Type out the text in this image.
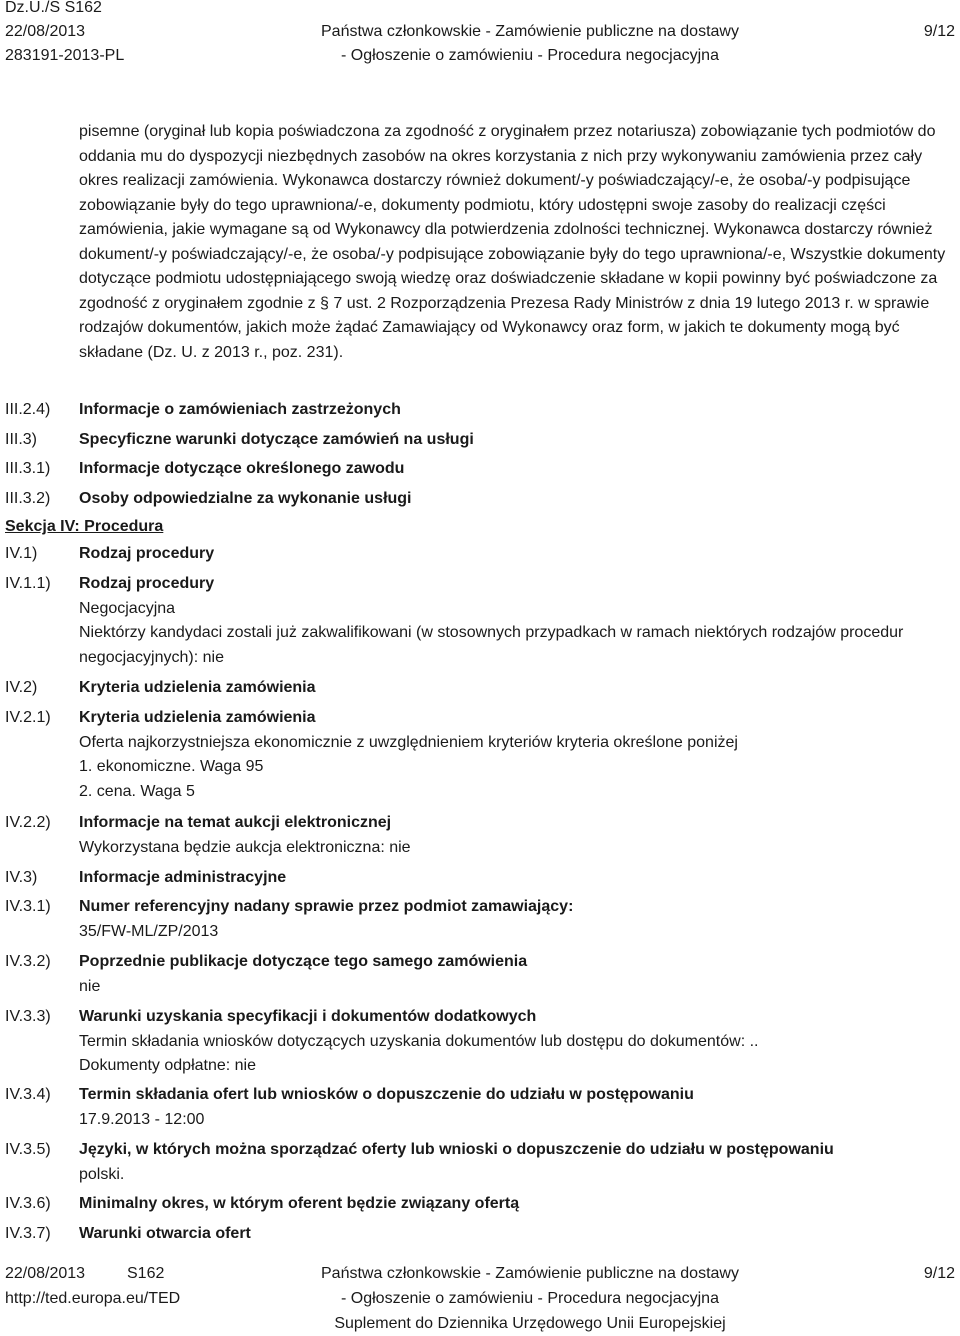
Dz.U./S S162
22/08/2013
283191-2013-PL
Państwa członkowskie - Zamówienie publiczne na dostawy
- Ogłoszenie o zamówieniu - Procedura negocjacyjna
9/12

pisemne (oryginał lub kopia poświadczona za zgodność z oryginałem przez notariusza) zobowiązanie tych podmiotów do oddania mu do dyspozycji niezbędnych zasobów na okres korzystania z nich przy wykonywaniu zamówienia przez cały okres realizacji zamówienia. Wykonawca dostarczy również dokument/-y poświadczający/-e, że osoba/-y podpisujące zobowiązanie były do tego uprawniona/-e, dokumenty podmiotu, który udostępni swoje zasoby do realizacji części zamówienia, jakie wymagane są od Wykonawcy dla potwierdzenia zdolności technicznej. Wykonawca dostarczy również dokument/-y poświadczający/-e, że osoba/-y podpisujące zobowiązanie były do tego uprawniona/-e, Wszystkie dokumenty dotyczące podmiotu udostępniającego swoją wiedzę oraz doświadczenie składane w kopii powinny być poświadczone za zgodność z oryginałem zgodnie z § 7 ust. 2 Rozporządzenia Prezesa Rady Ministrów z dnia 19 lutego 2013 r. w sprawie rodzajów dokumentów, jakich może żądać Zamawiający od Wykonawcy oraz form, w jakich te dokumenty mogą być składane (Dz. U. z 2013 r., poz. 231).

III.2.4) Informacje o zamówieniach zastrzeżonych
III.3)	Specyficzne warunki dotyczące zamówień na usługi
III.3.1) Informacje dotyczące określonego zawodu
III.3.2) Osoby odpowiedzialne za wykonanie usługi
Sekcja IV: Procedura
IV.1)	Rodzaj procedury
IV.1.1) Rodzaj procedury
Negocjacyjna
Niektórzy kandydaci zostali już zakwalifikowani (w stosownych przypadkach w ramach niektórych rodzajów procedur negocjacyjnych): nie
IV.2)	Kryteria udzielenia zamówienia
IV.2.1) Kryteria udzielenia zamówienia
Oferta najkorzystniejsza ekonomicznie z uwzględnieniem kryteriów kryteria określone poniżej
1. ekonomiczne. Waga 95
2. cena. Waga 5
IV.2.2) Informacje na temat aukcji elektronicznej
Wykorzystana będzie aukcja elektroniczna: nie
IV.3)	Informacje administracyjne
IV.3.1) Numer referencyjny nadany sprawie przez podmiot zamawiający:
35/FW-ML/ZP/2013
IV.3.2) Poprzednie publikacje dotyczące tego samego zamówienia
nie
IV.3.3) Warunki uzyskania specyfikacji i dokumentów dodatkowych
Termin składania wniosków dotyczących uzyskania dokumentów lub dostępu do dokumentów: ..
Dokumenty odpłatne: nie
IV.3.4) Termin składania ofert lub wniosków o dopuszczenie do udziału w postępowaniu
17.9.2013 - 12:00
IV.3.5) Języki, w których można sporządzać oferty lub wnioski o dopuszczenie do udziału w postępowaniu
polski.
IV.3.6) Minimalny okres, w którym oferent będzie związany ofertą
IV.3.7) Warunki otwarcia ofert
22/08/2013	S162
http://ted.europa.eu/TED
Państwa członkowskie - Zamówienie publiczne na dostawy
- Ogłoszenie o zamówieniu - Procedura negocjacyjna
Suplement do Dziennika Urzędowego Unii Europejskiej
9/12
